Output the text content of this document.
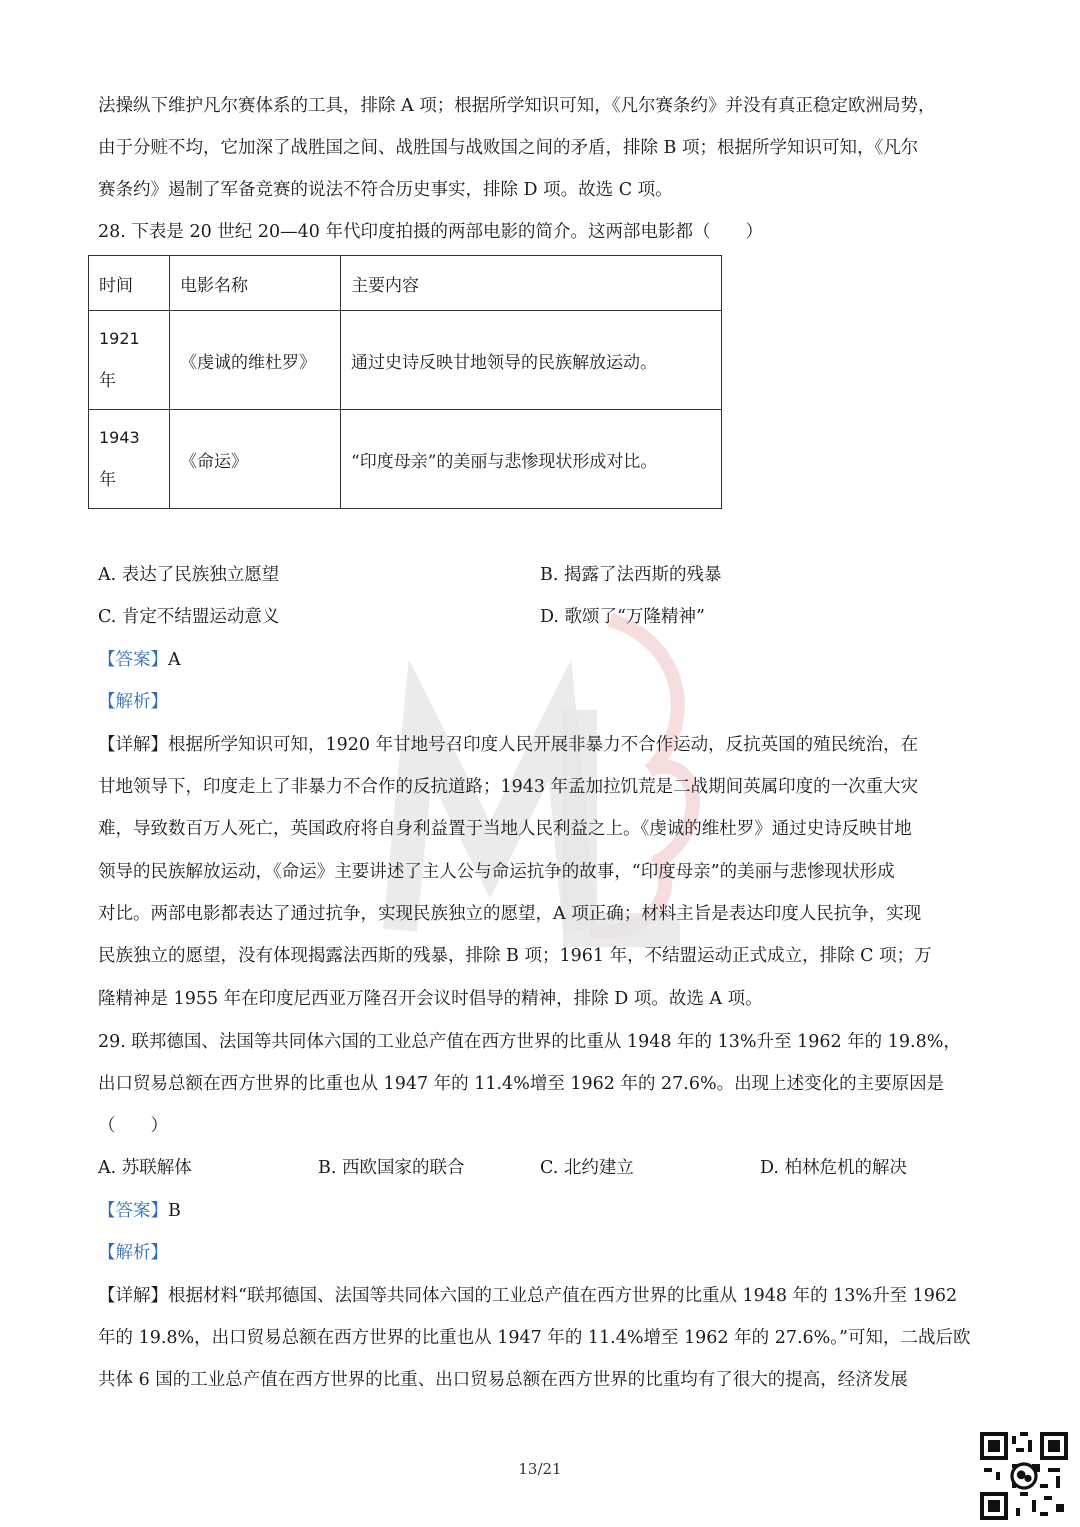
法操纵下维护凡尔赛体系的工具，排除 A 项；根据所学知识可知，《凡尔赛条约》并没有真正稳定欧洲局势，
由于分赃不均，它加深了战胜国之间、战胜国与战败国之间的矛盾，排除 B 项；根据所学知识可知，《凡尔
赛条约》遏制了军备竞赛的说法不符合历史事实，排除 D 项。故选 C 项。
28. 下表是 20 世纪 20—40 年代印度拍摄的两部电影的简介。这两部电影都（　　）
时间	电影名称	主要内容

1921
年	《虔诚的维杜罗》	通过史诗反映甘地领导的民族解放运动。

1943
年	《命运》	“印度母亲”的美丽与悲惨现状形成对比。
A. 表达了民族独立愿望	B. 揭露了法西斯的残暴
C. 肯定不结盟运动意义	D. 歌颂了“万隆精神”
【答案】A
【解析】
【详解】根据所学知识可知，1920 年甘地号召印度人民开展非暴力不合作运动，反抗英国的殖民统治，在
甘地领导下，印度走上了非暴力不合作的反抗道路；1943 年孟加拉饥荒是二战期间英属印度的一次重大灾
难，导致数百万人死亡，英国政府将自身利益置于当地人民利益之上。《虔诚的维杜罗》通过史诗反映甘地
领导的民族解放运动，《命运》主要讲述了主人公与命运抗争的故事，“印度母亲”的美丽与悲惨现状形成
对比。两部电影都表达了通过抗争，实现民族独立的愿望，A 项正确；材料主旨是表达印度人民抗争，实现
民族独立的愿望，没有体现揭露法西斯的残暴，排除 B 项；1961 年，不结盟运动正式成立，排除 C 项；万
隆精神是 1955 年在印度尼西亚万隆召开会议时倡导的精神，排除 D 项。故选 A 项。
29. 联邦德国、法国等共同体六国的工业总产值在西方世界的比重从 1948 年的 13%升至 1962 年的 19.8%，
出口贸易总额在西方世界的比重也从 1947 年的 11.4%增至 1962 年的 27.6%。出现上述变化的主要原因是
（　　）
A. 苏联解体	B. 西欧国家的联合	C. 北约建立	D. 柏林危机的解决
【答案】B
【解析】
【详解】根据材料“联邦德国、法国等共同体六国的工业总产值在西方世界的比重从 1948 年的 13%升至 1962
年的 19.8%，出口贸易总额在西方世界的比重也从 1947 年的 11.4%增至 1962 年的 27.6%。”可知，二战后欧
共体 6 国的工业总产值在西方世界的比重、出口贸易总额在西方世界的比重均有了很大的提高，经济发展
13/21
